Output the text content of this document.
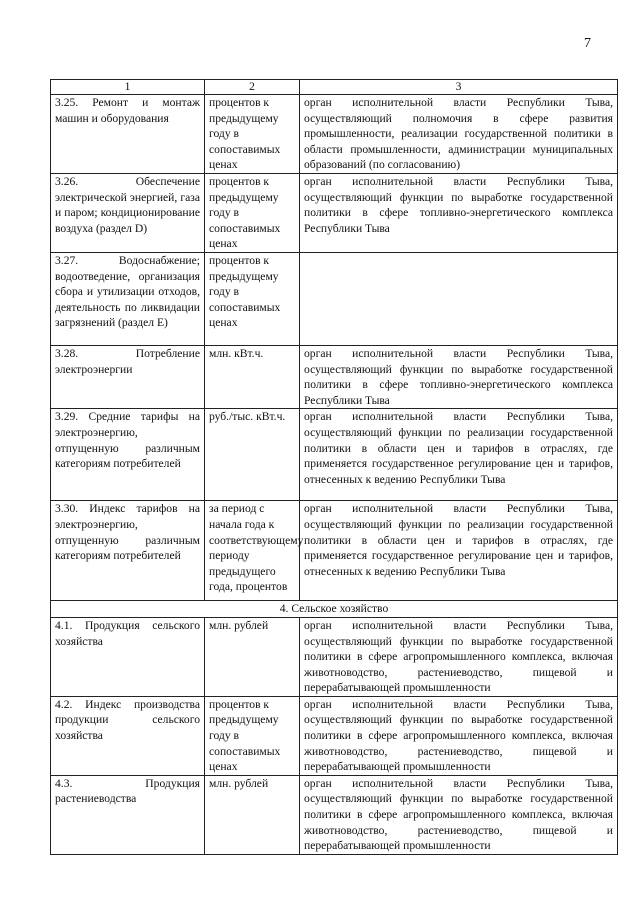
7
1	2	3
3.25. Ремонт и монтаж машин и оборудования	процентов к предыдущему году в сопоставимых ценах	орган исполнительной власти Республики Тыва, осуществляющий полномочия в сфере развития промышленности, реализации государственной политики в области промышленности, администрации муниципальных образований (по согласованию)
3.26. Обеспечение электрической энергией, газа и паром; кондиционирование воздуха (раздел D)	процентов к предыдущему году в сопоставимых ценах	орган исполнительной власти Республики Тыва, осуществляющий функции по выработке государственной политики в сфере топливно-энергетического комплекса Республики Тыва
3.27. Водоснабжение; водоотведение, организация сбора и утилизации отходов, деятельность по ликвидации загрязнений (раздел E)	процентов к предыдущему году в сопоставимых ценах	
3.28. Потребление электроэнергии	млн. кВт.ч.	орган исполнительной власти Республики Тыва, осуществляющий функции по выработке государственной политики в сфере топливно-энергетического комплекса Республики Тыва
3.29. Средние тарифы на электроэнергию, отпущенную различным категориям потребителей	руб./тыс. кВт.ч.	орган исполнительной власти Республики Тыва, осуществляющий функции по реализации государственной политики в области цен и тарифов в отраслях, где применяется государственное регулирование цен и тарифов, отнесенных к ведению Республики Тыва
3.30. Индекс тарифов на электроэнергию, отпущенную различным категориям потребителей	за период с начала года к соответствующему периоду предыдущего года, процентов	орган исполнительной власти Республики Тыва, осуществляющий функции по реализации государственной политики в области цен и тарифов в отраслях, где применяется государственное регулирование цен и тарифов, отнесенных к ведению Республики Тыва
4. Сельское хозяйство		
4.1. Продукция сельского хозяйства	млн. рублей	орган исполнительной власти Республики Тыва, осуществляющий функции по выработке государственной политики в сфере агропромышленного комплекса, включая животноводство, растениеводство, пищевой и перерабатывающей промышленности
4.2. Индекс производства продукции сельского хозяйства	процентов к предыдущему году в сопоставимых ценах	орган исполнительной власти Республики Тыва, осуществляющий функции по выработке государственной политики в сфере агропромышленного комплекса, включая животноводство, растениеводство, пищевой и перерабатывающей промышленности
4.3. Продукция растениеводства	млн. рублей	орган исполнительной власти Республики Тыва, осуществляющий функции по выработке государственной политики в сфере агропромышленного комплекса, включая животноводство, растениеводство, пищевой и перерабатывающей промышленности
